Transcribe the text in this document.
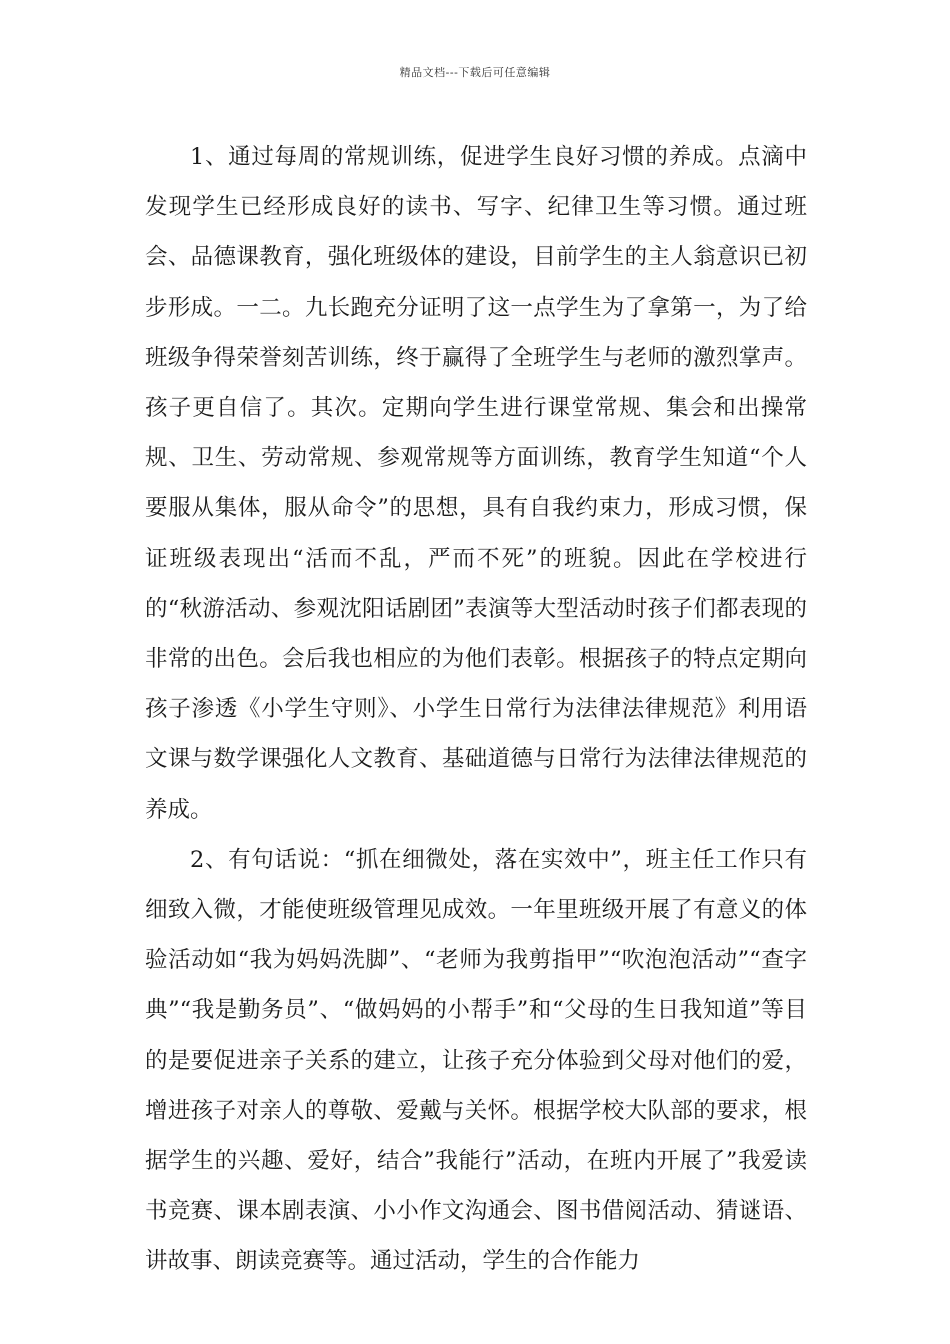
精品文档---下载后可任意编辑

1、通过每周的常规训练，促进学生良好习惯的养成。点滴中发现学生已经形成良好的读书、写字、纪律卫生等习惯。通过班会、品德课教育，强化班级体的建设，目前学生的主人翁意识已初步形成。一二。九长跑充分证明了这一点学生为了拿第一，为了给班级争得荣誉刻苦训练，终于赢得了全班学生与老师的激烈掌声。孩子更自信了。其次。定期向学生进行课堂常规、集会和出操常规、卫生、劳动常规、参观常规等方面训练，教育学生知道“个人要服从集体，服从命令”的思想，具有自我约束力，形成习惯，保证班级表现出“活而不乱，严而不死”的班貌。因此在学校进行的“秋游活动、参观沈阳话剧团”表演等大型活动时孩子们都表现的非常的出色。会后我也相应的为他们表彰。根据孩子的特点定期向孩子渗透《小学生守则》、小学生日常行为法律法律规范》利用语文课与数学课强化人文教育、基础道德与日常行为法律法律规范的养成。

2、有句话说：“抓在细微处，落在实效中”，班主任工作只有细致入微，才能使班级管理见成效。一年里班级开展了有意义的体验活动如“我为妈妈洗脚”、“老师为我剪指甲”“吹泡泡活动”“查字典”“我是勤务员”、“做妈妈的小帮手”和“父母的生日我知道”等目的是要促进亲子关系的建立，让孩子充分体验到父母对他们的爱，增进孩子对亲人的尊敬、爱戴与关怀。根据学校大队部的要求，根据学生的兴趣、爱好，结合”我能行”活动，在班内开展了”我爱读书竞赛、课本剧表演、小小作文沟通会、图书借阅活动、猜谜语、讲故事、朗读竞赛等。通过活动，学生的合作能力
